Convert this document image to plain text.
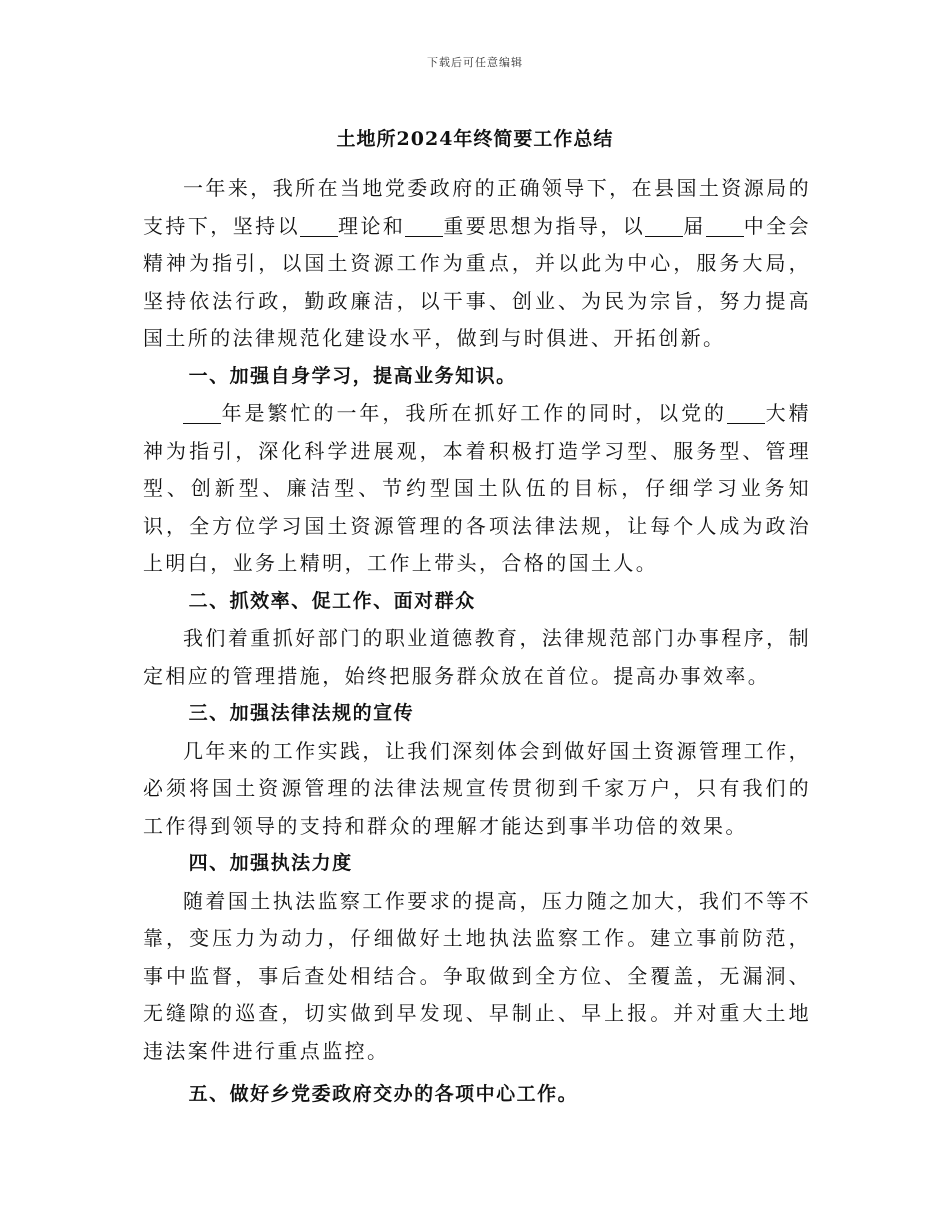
下载后可任意编辑
土地所2024年终简要工作总结

一年来，我所在当地党委政府的正确领导下，在县国土资源局的支持下，坚持以 理论和 重要思想为指导，以 届 中全会精神为指引，以国土资源工作为重点，并以此为中心，服务大局，坚持依法行政，勤政廉洁，以干事、创业、为民为宗旨，努力提高国土所的法律规范化建设水平，做到与时俱进、开拓创新。

一、加强自身学习，提高业务知识。

年是繁忙的一年，我所在抓好工作的同时，以党的 大精神为指引，深化科学进展观，本着积极打造学习型、服务型、管理型、创新型、廉洁型、节约型国土队伍的目标，仔细学习业务知识，全方位学习国土资源管理的各项法律法规，让每个人成为政治上明白，业务上精明，工作上带头，合格的国土人。

二、抓效率、促工作、面对群众

我们着重抓好部门的职业道德教育，法律规范部门办事程序，制定相应的管理措施，始终把服务群众放在首位。提高办事效率。

三、加强法律法规的宣传

几年来的工作实践，让我们深刻体会到做好国土资源管理工作，必须将国土资源管理的法律法规宣传贯彻到千家万户，只有我们的工作得到领导的支持和群众的理解才能达到事半功倍的效果。

四、加强执法力度

随着国土执法监察工作要求的提高，压力随之加大，我们不等不靠，变压力为动力，仔细做好土地执法监察工作。建立事前防范，事中监督，事后查处相结合。争取做到全方位、全覆盖，无漏洞、无缝隙的巡查，切实做到早发现、早制止、早上报。并对重大土地违法案件进行重点监控。

五、做好乡党委政府交办的各项中心工作。
